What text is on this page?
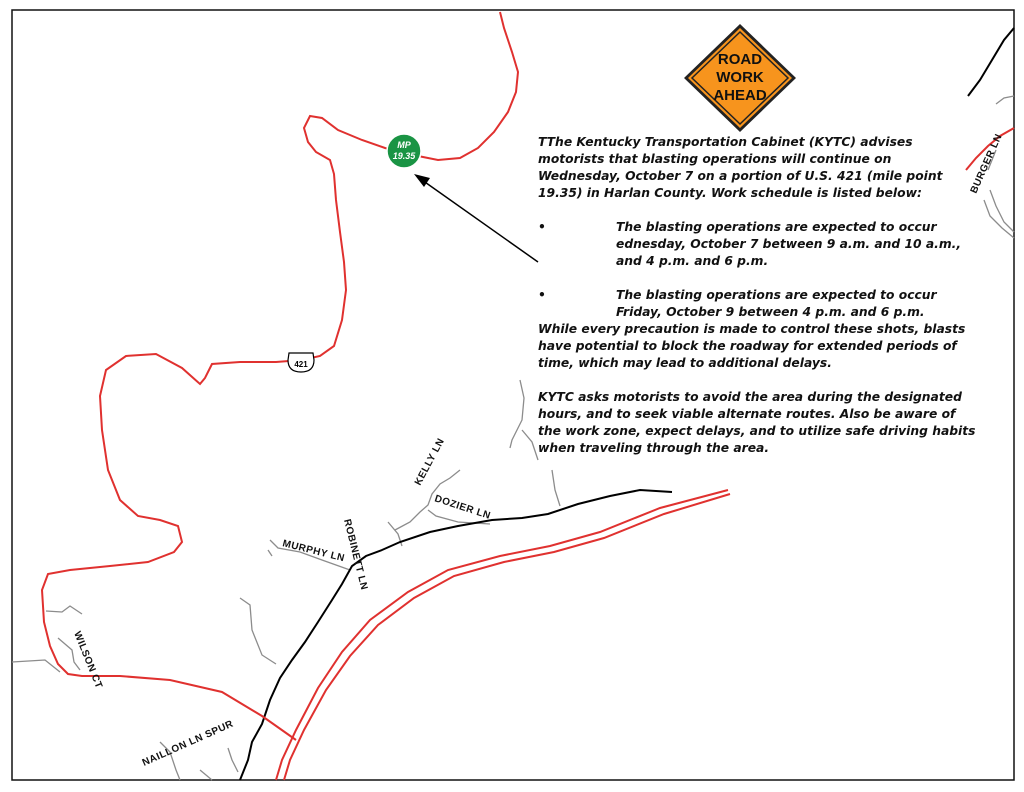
MP
19.35
421
ROAD
WORK
AHEAD
KELLY LN
DOZIER LN
ROBINETT LN
MURPHY LN
WILSON CT
NAILLON LN SPUR
BURGER LN

TThe Kentucky Transportation Cabinet (KYTC) advises motorists that blasting operations will continue on Wednesday, October 7 on a portion of U.S. 421 (mile point 19.35) in Harlan County. Work schedule is listed below:

•	The blasting operations are expected to occur
ednesday, October 7 between 9 a.m. and 10 a.m.,
and 4 p.m. and 6 p.m.
•	The blasting operations are expected to occur
Friday, October 9 between 4 p.m. and 6 p.m.

While every precaution is made to control these shots, blasts have potential to block the roadway for extended periods of time, which may lead to additional delays.

KYTC asks motorists to avoid the area during the designated hours, and to seek viable alternate routes. Also be aware of the work zone, expect delays, and to utilize safe driving habits when traveling through the area.
